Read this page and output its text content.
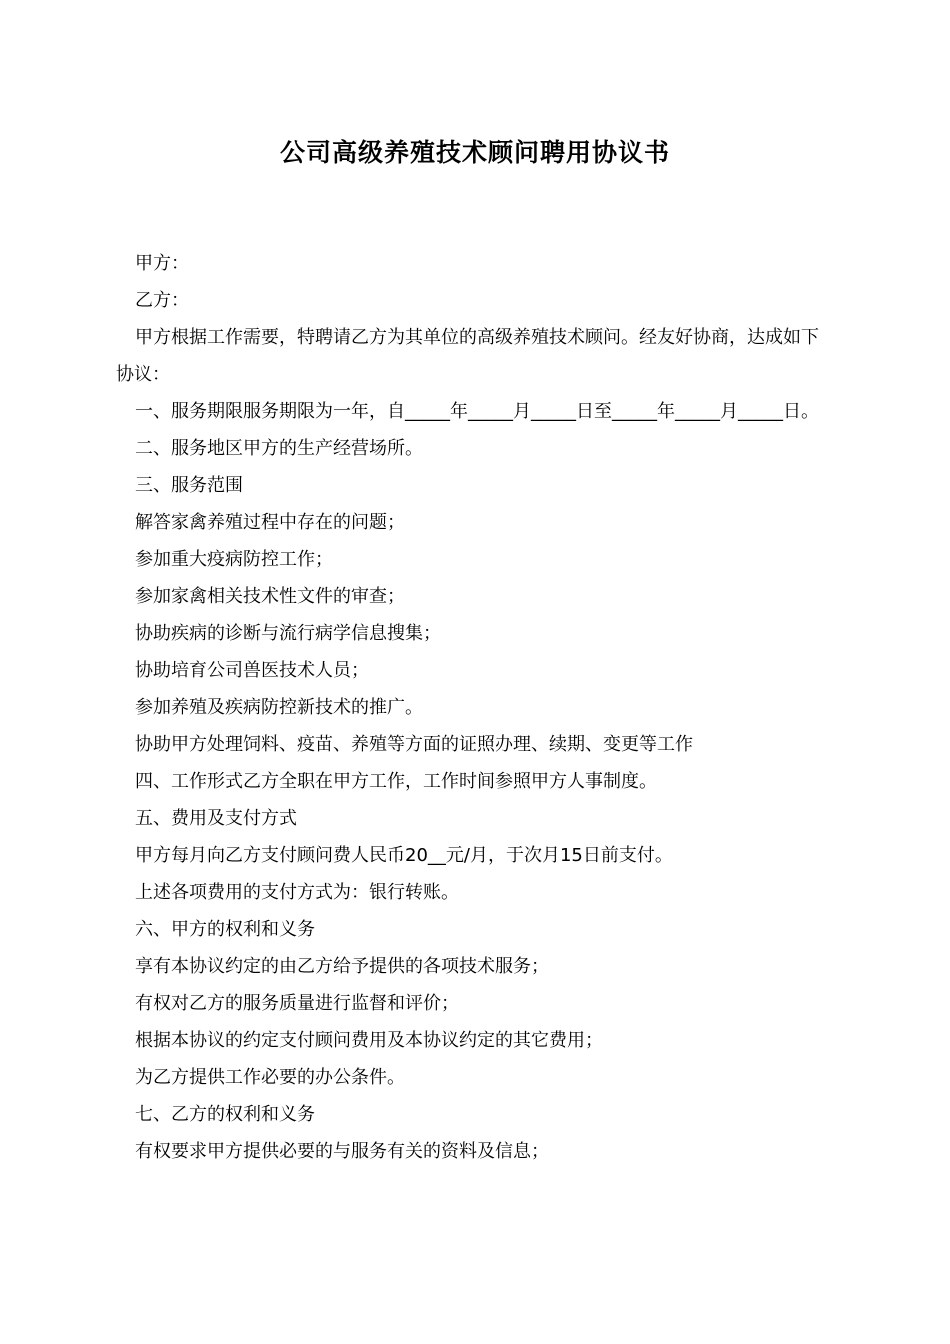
公司高级养殖技术顾问聘用协议书

甲方：

乙方：

甲方根据工作需要，特聘请乙方为其单位的高级养殖技术顾问。经友好协商，达成如下协议：

一、服务期限服务期限为一年，自_____年_____月_____日至_____年_____月_____日。

二、服务地区甲方的生产经营场所。

三、服务范围

解答家禽养殖过程中存在的问题；

参加重大疫病防控工作；

参加家禽相关技术性文件的审查；

协助疾病的诊断与流行病学信息搜集；

协助培育公司兽医技术人员；

参加养殖及疾病防控新技术的推广。

协助甲方处理饲料、疫苗、养殖等方面的证照办理、续期、变更等工作

四、工作形式乙方全职在甲方工作，工作时间参照甲方人事制度。

五、费用及支付方式

甲方每月向乙方支付顾问费人民币20__元/月，于次月15日前支付。

上述各项费用的支付方式为：银行转账。

六、甲方的权利和义务

享有本协议约定的由乙方给予提供的各项技术服务；

有权对乙方的服务质量进行监督和评价；

根据本协议的约定支付顾问费用及本协议约定的其它费用；

为乙方提供工作必要的办公条件。

七、乙方的权利和义务

有权要求甲方提供必要的与服务有关的资料及信息；
